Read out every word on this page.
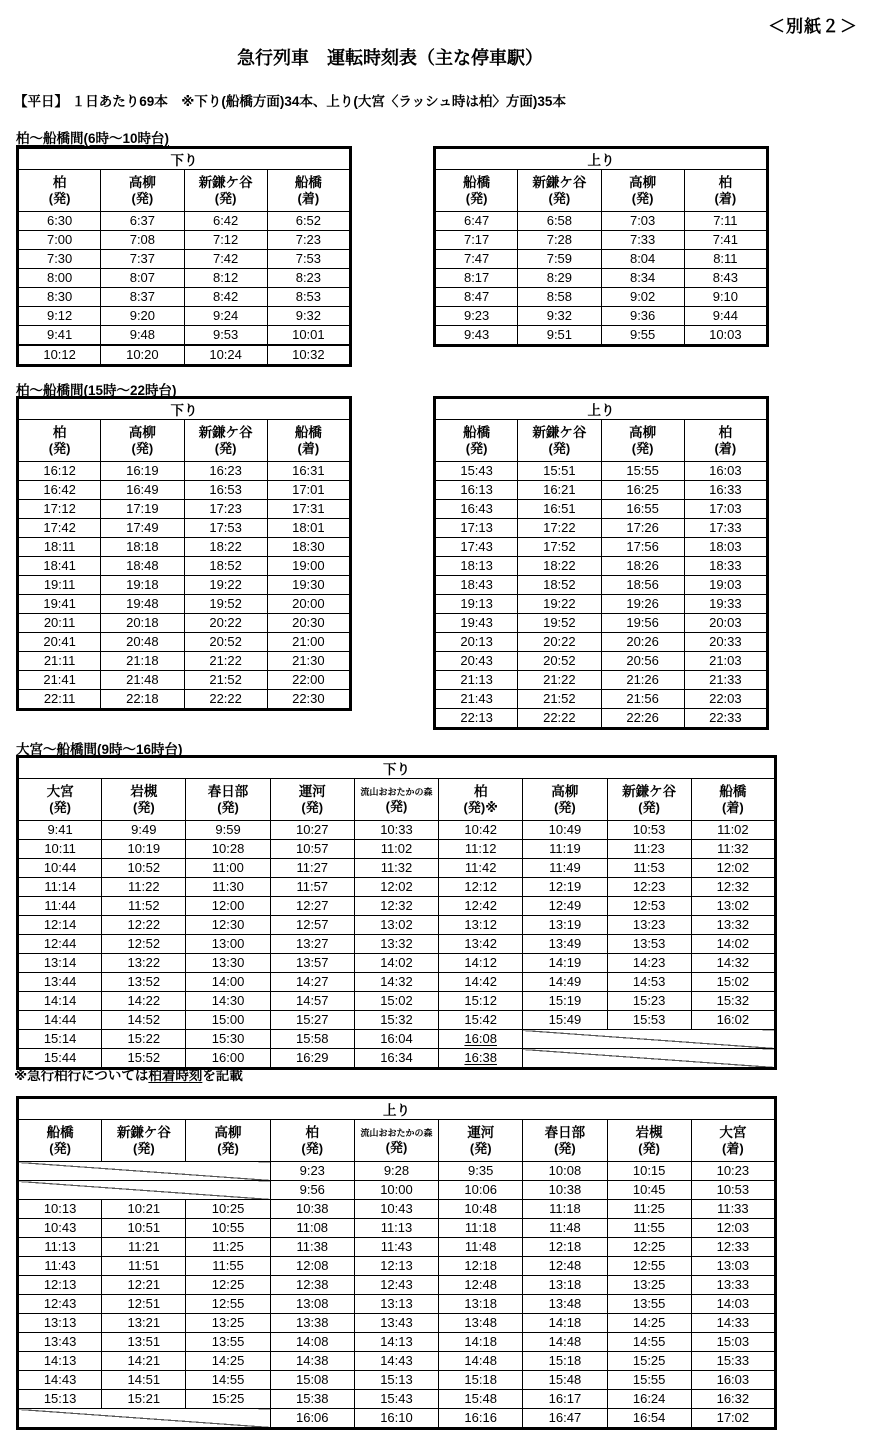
＜別紙２＞
急行列車　運転時刻表（主な停車駅）
【平日】 １日あたり69本　※下り(船橋方面)34本、上り(大宮〈ラッシュ時は柏〉方面)35本
柏～船橋間(6時～10時台)
下り			

柏
(発)

高柳
(発)

新鎌ケ谷
(発)

船橋
(着)

6:30	6:37	6:42	6:52
7:00	7:08	7:12	7:23
7:30	7:37	7:42	7:53
8:00	8:07	8:12	8:23
8:30	8:37	8:42	8:53
9:12	9:20	9:24	9:32
9:41	9:48	9:53	10:01
10:12	10:20	10:24	10:32
上り			

船橋
(発)

新鎌ケ谷
(発)

高柳
(発)

柏
(着)

6:47	6:58	7:03	7:11
7:17	7:28	7:33	7:41
7:47	7:59	8:04	8:11
8:17	8:29	8:34	8:43
8:47	8:58	9:02	9:10
9:23	9:32	9:36	9:44
9:43	9:51	9:55	10:03
柏～船橋間(15時～22時台)
下り			

柏
(発)

高柳
(発)

新鎌ケ谷
(発)

船橋
(着)

16:12	16:19	16:23	16:31
16:42	16:49	16:53	17:01
17:12	17:19	17:23	17:31
17:42	17:49	17:53	18:01
18:11	18:18	18:22	18:30
18:41	18:48	18:52	19:00
19:11	19:18	19:22	19:30
19:41	19:48	19:52	20:00
20:11	20:18	20:22	20:30
20:41	20:48	20:52	21:00
21:11	21:18	21:22	21:30
21:41	21:48	21:52	22:00
22:11	22:18	22:22	22:30
上り			

船橋
(発)

新鎌ケ谷
(発)

高柳
(発)

柏
(着)

15:43	15:51	15:55	16:03
16:13	16:21	16:25	16:33
16:43	16:51	16:55	17:03
17:13	17:22	17:26	17:33
17:43	17:52	17:56	18:03
18:13	18:22	18:26	18:33
18:43	18:52	18:56	19:03
19:13	19:22	19:26	19:33
19:43	19:52	19:56	20:03
20:13	20:22	20:26	20:33
20:43	20:52	20:56	21:03
21:13	21:22	21:26	21:33
21:43	21:52	21:56	22:03
22:13	22:22	22:26	22:33
大宮～船橋間(9時～16時台)
下り								

大宮
(発)

岩槻
(発)

春日部
(発)

運河
(発)

流山おおたかの森
(発)

柏
(発)※

高柳
(発)

新鎌ケ谷
(発)

船橋
(着)

9:41	9:49	9:59	10:27	10:33	10:42	10:49	10:53	11:02
10:11	10:19	10:28	10:57	11:02	11:12	11:19	11:23	11:32
10:44	10:52	11:00	11:27	11:32	11:42	11:49	11:53	12:02
11:14	11:22	11:30	11:57	12:02	12:12	12:19	12:23	12:32
11:44	11:52	12:00	12:27	12:32	12:42	12:49	12:53	13:02
12:14	12:22	12:30	12:57	13:02	13:12	13:19	13:23	13:32
12:44	12:52	13:00	13:27	13:32	13:42	13:49	13:53	14:02
13:14	13:22	13:30	13:57	14:02	14:12	14:19	14:23	14:32
13:44	13:52	14:00	14:27	14:32	14:42	14:49	14:53	15:02
14:14	14:22	14:30	14:57	15:02	15:12	15:19	15:23	15:32
14:44	14:52	15:00	15:27	15:32	15:42	15:49	15:53	16:02
15:14	15:22	15:30	15:58	16:04	16:08			
15:44	15:52	16:00	16:29	16:34	16:38			
※急行柏行については柏着時刻を記載
上り								

船橋
(発)

新鎌ケ谷
(発)

高柳
(発)

柏
(発)

流山おおたかの森
(発)

運河
(発)

春日部
(発)

岩槻
(発)

大宮
(着)

			9:23	9:28	9:35	10:08	10:15	10:23
			9:56	10:00	10:06	10:38	10:45	10:53
10:13	10:21	10:25	10:38	10:43	10:48	11:18	11:25	11:33
10:43	10:51	10:55	11:08	11:13	11:18	11:48	11:55	12:03
11:13	11:21	11:25	11:38	11:43	11:48	12:18	12:25	12:33
11:43	11:51	11:55	12:08	12:13	12:18	12:48	12:55	13:03
12:13	12:21	12:25	12:38	12:43	12:48	13:18	13:25	13:33
12:43	12:51	12:55	13:08	13:13	13:18	13:48	13:55	14:03
13:13	13:21	13:25	13:38	13:43	13:48	14:18	14:25	14:33
13:43	13:51	13:55	14:08	14:13	14:18	14:48	14:55	15:03
14:13	14:21	14:25	14:38	14:43	14:48	15:18	15:25	15:33
14:43	14:51	14:55	15:08	15:13	15:18	15:48	15:55	16:03
15:13	15:21	15:25	15:38	15:43	15:48	16:17	16:24	16:32
			16:06	16:10	16:16	16:47	16:54	17:02
